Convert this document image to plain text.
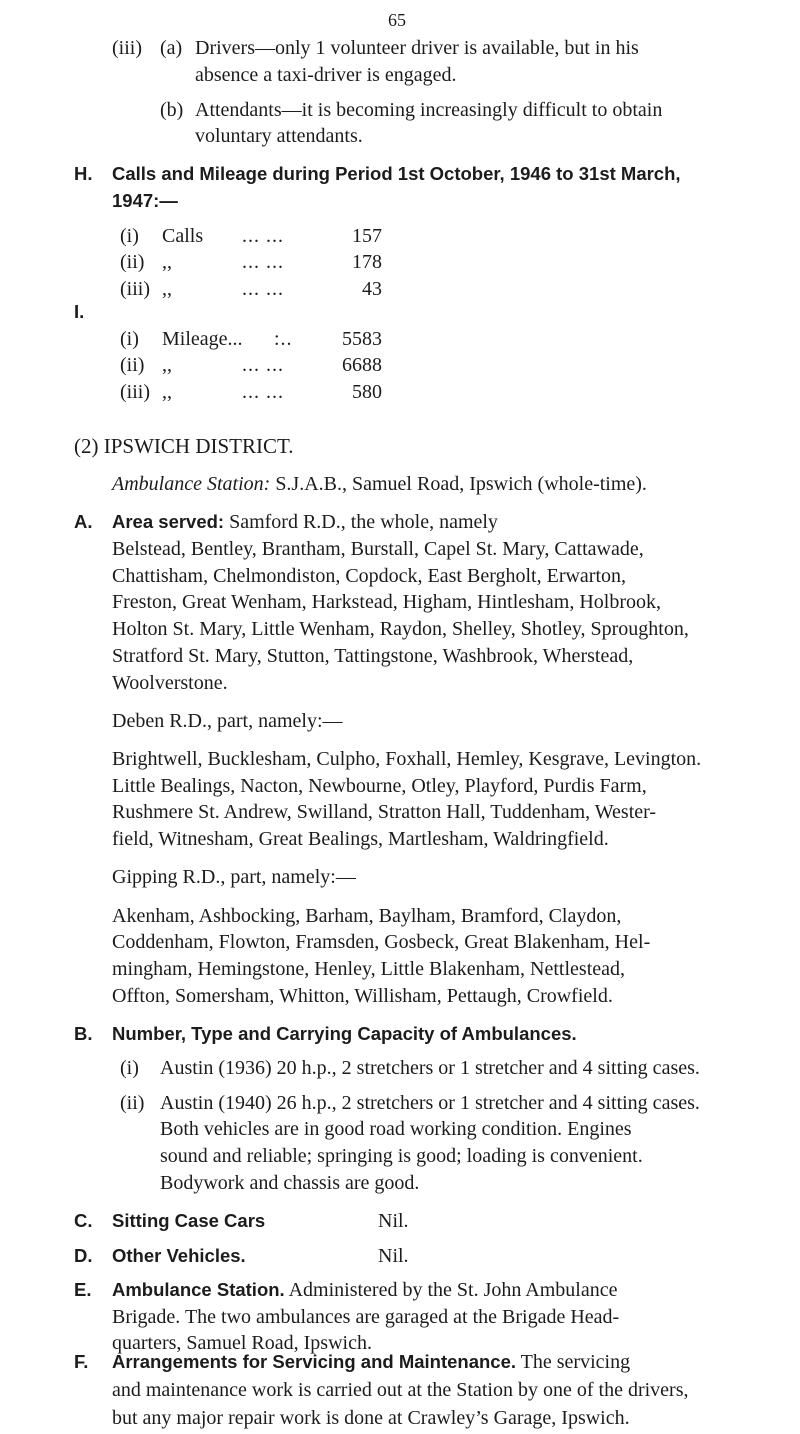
65
(iii) (a) Drivers—only 1 volunteer driver is available, but in his
absence a taxi-driver is engaged.
(b) Attendants—it is becoming increasingly difficult to obtain
voluntary attendants.
H. Calls and Mileage during Period 1st October, 1946 to 31st March,
1947:—
(i) Calls ... ...	157
(ii) ,,	... ...	178
(iii) ,,	... ...	43
I.
(i) Mileage... :.. 5583
(ii) ,,	... ...	6688
(iii) ,,	... ...	580
(2) IPSWICH DISTRICT.
Ambulance Station: S.J.A.B., Samuel Road, Ipswich (whole-time).
A. Area served: Samford R.D., the whole, namely
Belstead, Bentley, Brantham, Burstall, Capel St. Mary, Cattawade,
Chattisham, Chelmondiston, Copdock, East Bergholt, Erwarton,
Freston, Great Wenham, Harkstead, Higham, Hintlesham, Holbrook,
Holton St. Mary, Little Wenham, Raydon, Shelley, Shotley, Sproughton,
Stratford St. Mary, Stutton, Tattingstone, Washbrook, Wherstead,
Woolverstone.
Deben R.D., part, namely:—
Brightwell, Bucklesham, Culpho, Foxhall, Hemley, Kesgrave, Levington.
Little Bealings, Nacton, Newbourne, Otley, Playford, Purdis Farm,
Rushmere St. Andrew, Swilland, Stratton Hall, Tuddenham, Wester-
field, Witnesham, Great Bealings, Martlesham, Waldringfield.
Gipping R.D., part, namely:—
Akenham, Ashbocking, Barham, Baylham, Bramford, Claydon,
Coddenham, Flowton, Framsden, Gosbeck, Great Blakenham, Hel-
mingham, Hemingstone, Henley, Little Blakenham, Nettlestead,
Offton, Somersham, Whitton, Willisham, Pettaugh, Crowfield.
B. Number, Type and Carrying Capacity of Ambulances.
(i) Austin (1936) 20 h.p., 2 stretchers or 1 stretcher and 4 sitting cases.
(ii) Austin (1940) 26 h.p., 2 stretchers or 1 stretcher and 4 sitting cases.
Both vehicles are in good road working condition. Engines
sound and reliable; springing is good; loading is convenient.
Bodywork and chassis are good.
C. Sitting Case Cars	Nil.
D. Other Vehicles.	Nil.
E. Ambulance Station. Administered by the St. John Ambulance
Brigade. The two ambulances are garaged at the Brigade Head-
quarters, Samuel Road, Ipswich.
F. Arrangements for Servicing and Maintenance. The servicing
and maintenance work is carried out at the Station by one of the drivers,
but any major repair work is done at Crawley’s Garage, Ipswich.
